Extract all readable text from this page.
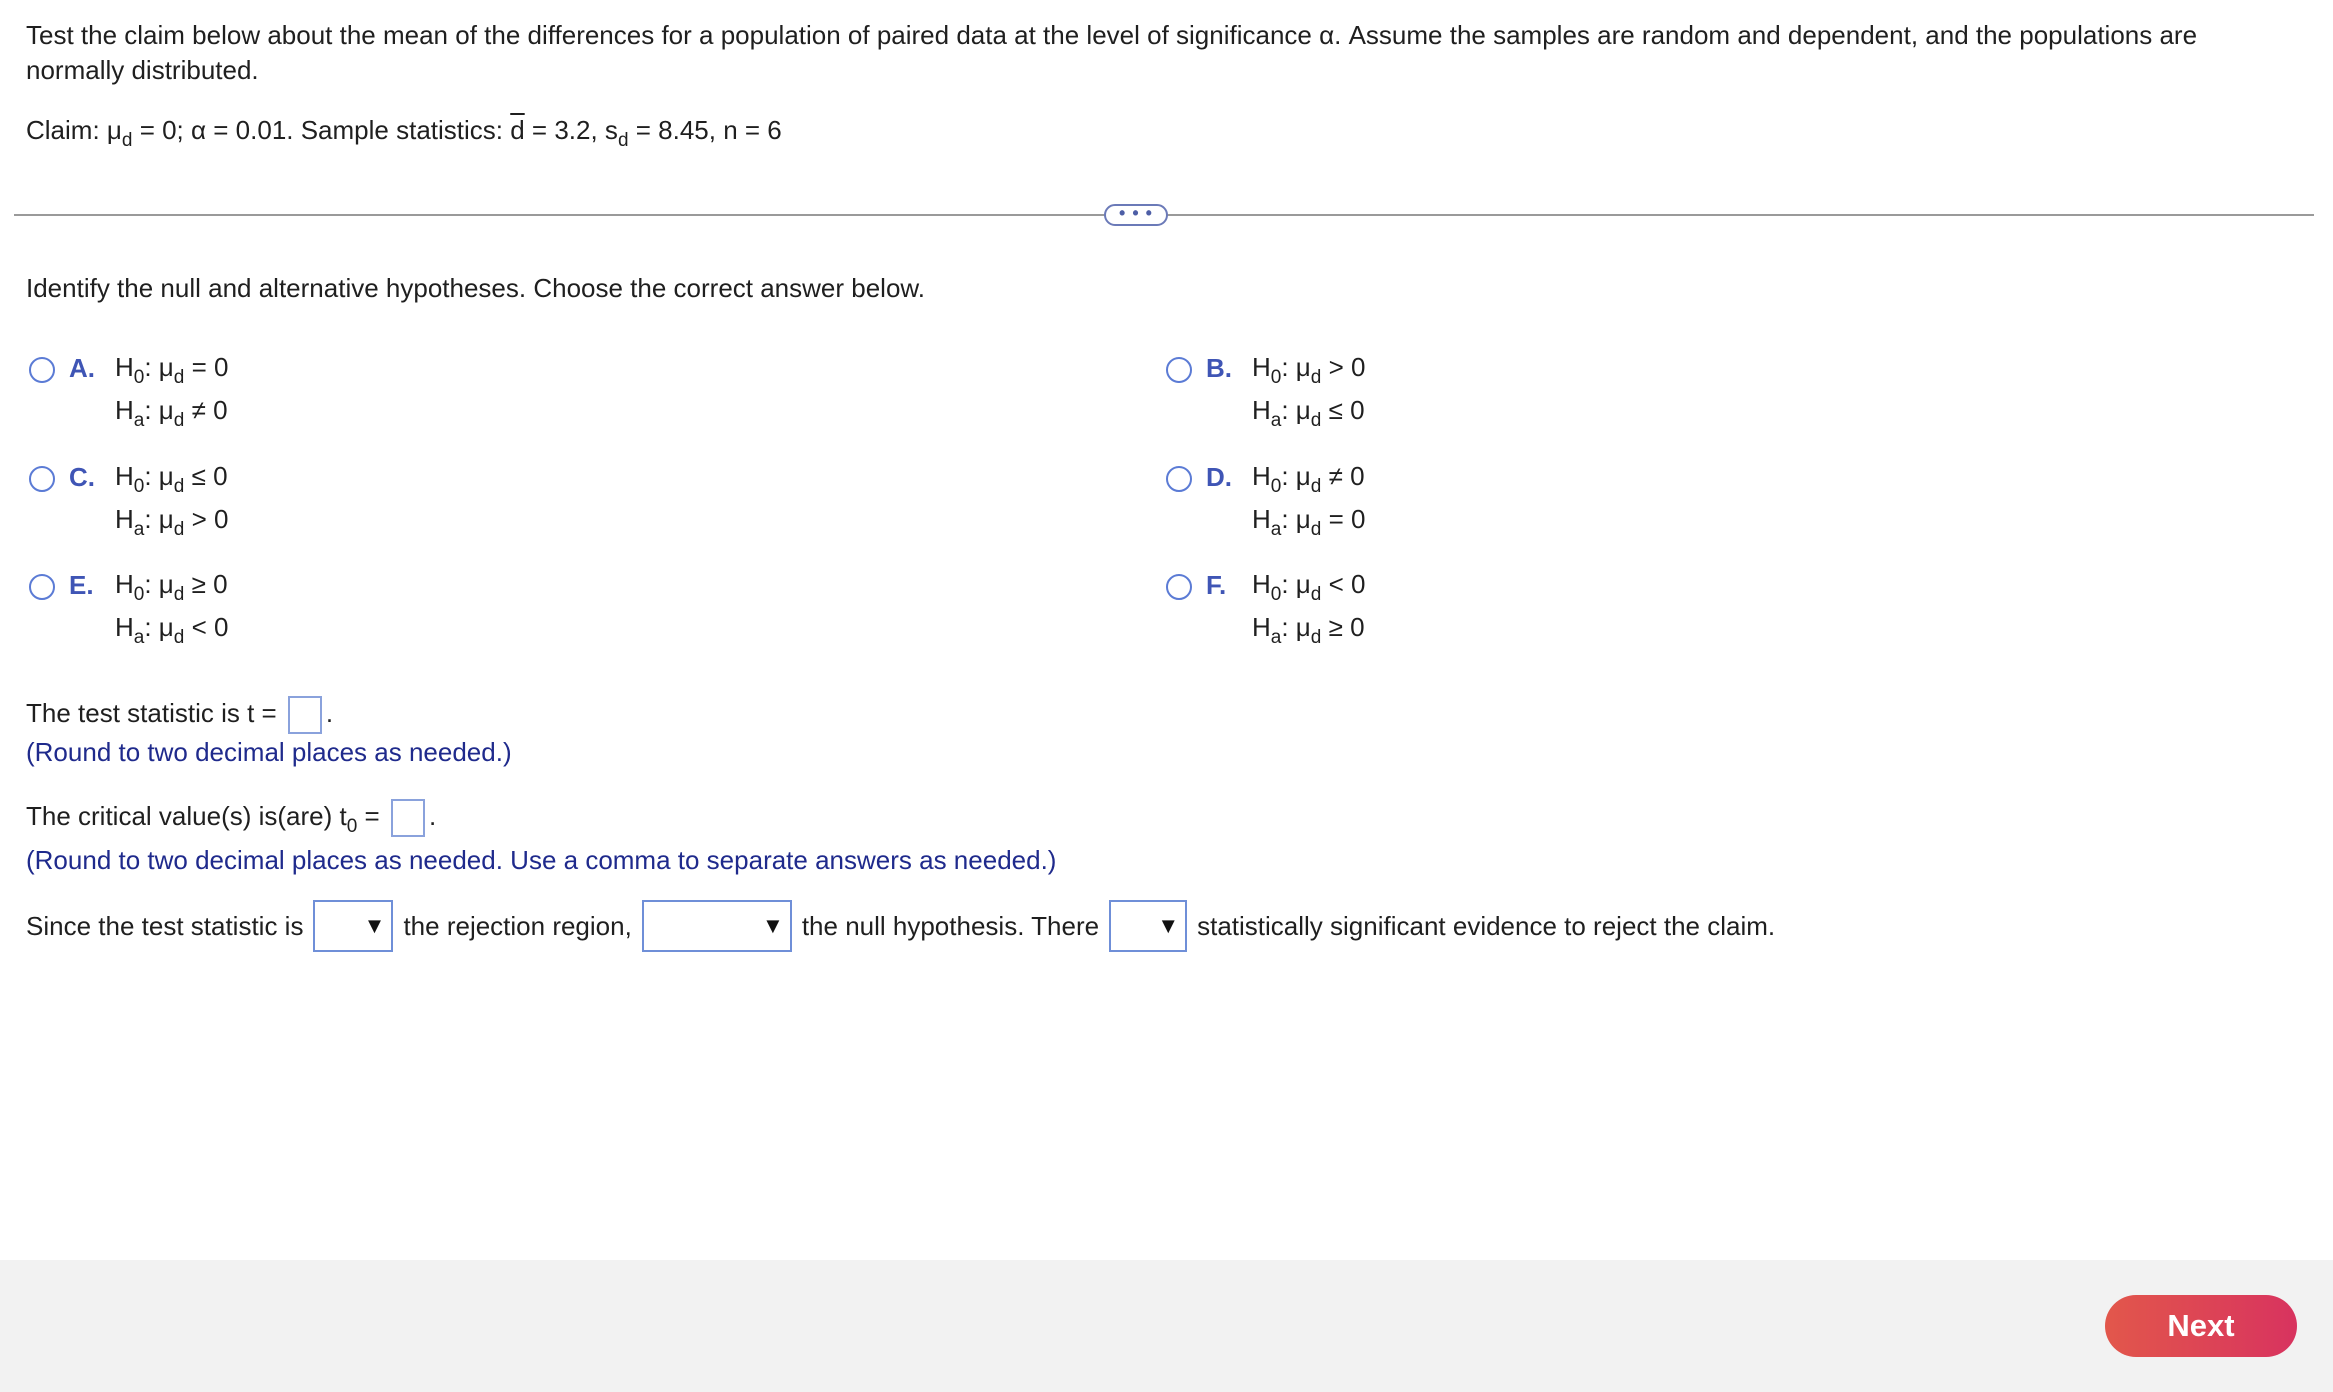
Test the claim below about the mean of the differences for a population of paired data at the level of significance α. Assume the samples are random and dependent, and the populations are normally distributed.
Claim: $\mu_d = 0$; α = 0.01. Sample statistics: $\overline{d} = 3.2$, $s_d = 8.45$, n = 6
• • •
Identify the null and alternative hypotheses. Choose the correct answer below.
A. $H_0$: $\mu_d = 0$
$H_a$: $\mu_d \ne 0$
B. $H_0$: $\mu_d > 0$
$H_a$: $\mu_d \le 0$
C. $H_0$: $\mu_d \le 0$
$H_a$: $\mu_d > 0$
D. $H_0$: $\mu_d \ne 0$
$H_a$: $\mu_d = 0$
E. $H_0$: $\mu_d \ge 0$
$H_a$: $\mu_d < 0$
F. $H_0$: $\mu_d < 0$
$H_a$: $\mu_d \ge 0$
The test statistic is t = .
(Round to two decimal places as needed.)
The critical value(s) is(are) $t_0$ = .
(Round to two decimal places as needed. Use a comma to separate answers as needed.)
Since the test statistic is	▼ the rejection region,	▼ the null hypothesis. There	▼ statistically significant evidence to reject the claim.
Next
